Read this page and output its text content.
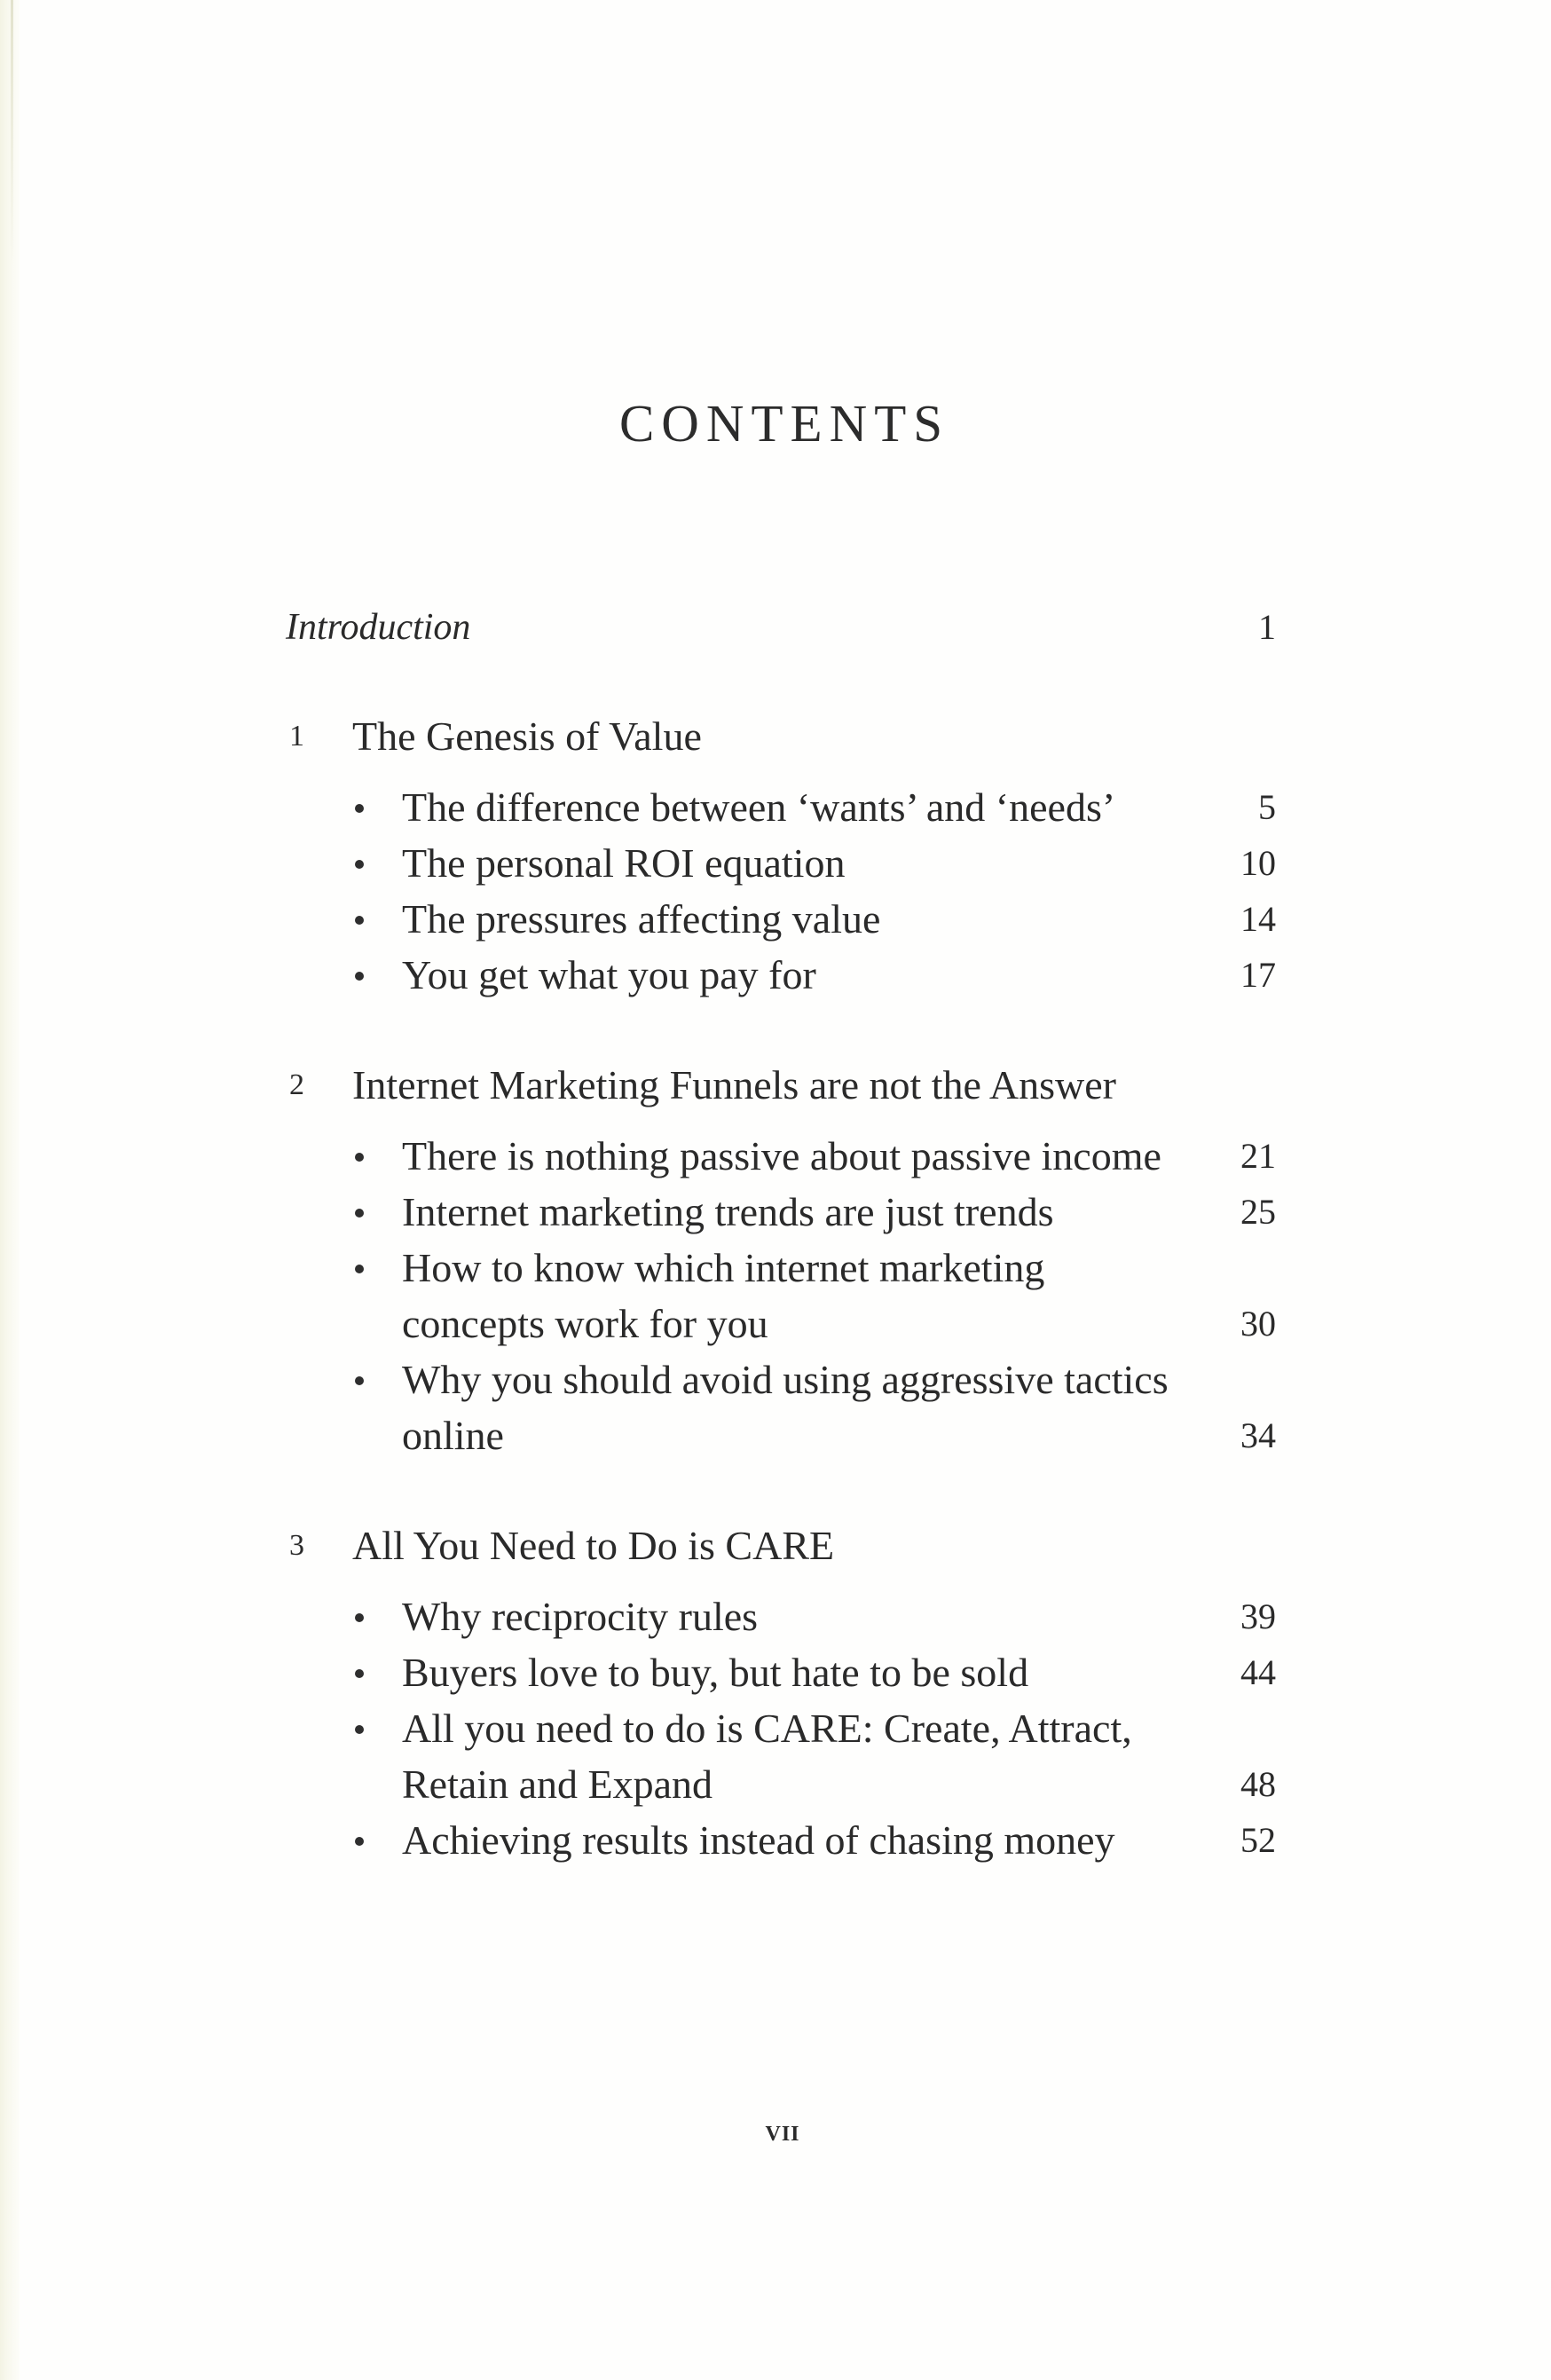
CONTENTS
Introduction	1
1 The Genesis of Value
The difference between ‘wants’ and ‘needs’	5
The personal ROI equation	10
The pressures affecting value	14
You get what you pay for	17
2 Internet Marketing Funnels are not the Answer
There is nothing passive about passive income 21
Internet marketing trends are just trends	25
How to know which internet marketing
concepts work for you	30
Why you should avoid using aggressive tactics
online	34
3 All You Need to Do is CARE
Why reciprocity rules	39
Buyers love to buy, but hate to be sold	44
All you need to do is CARE: Create, Attract,
Retain and Expand	48
Achieving results instead of chasing money	52
VII
